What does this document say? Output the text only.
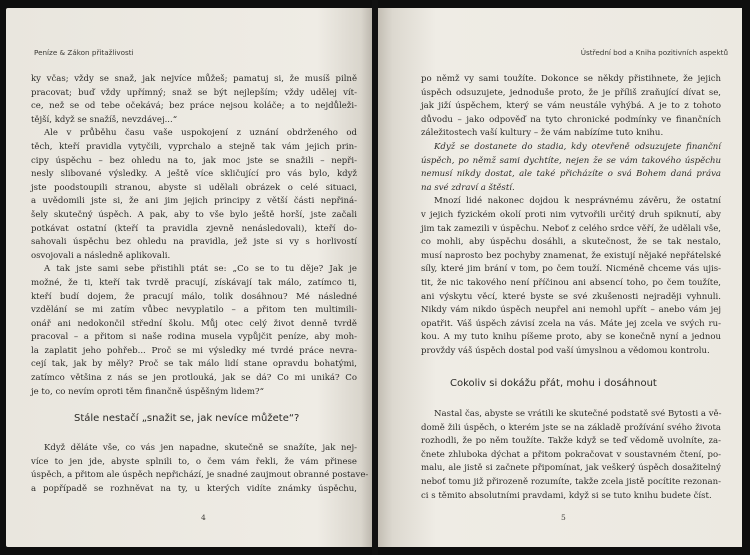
Peníze & Zákon přitažlivosti
ky včas; vždy se snaž, jak nejvíce můžeš; pamatuj si, že musíš pilně
pracovat; buď vždy upřímný; snaž se být nejlepším; vždy udělej vít-
ce, než se od tebe očekává; bez práce nejsou koláče; a to nejdůleži-
tější, když se snažíš, nevzdávej...“
Ale v průběhu času vaše uspokojení z uznání obdrženého od
těch, kteří pravidla vytyčili, vyprchalo a stejně tak vám jejich prin-
cipy úspěchu – bez ohledu na to, jak moc jste se snažili – nepři-
nesly slibované výsledky. A ještě více skličující pro vás bylo, když
jste poodstoupili stranou, abyste si udělali obrázek o celé situaci,
a uvědomili jste si, že ani jim jejich principy z větší části nepřiná-
šely skutečný úspěch. A pak, aby to vše bylo ještě horší, jste začali
potkávat ostatní (kteří ta pravidla zjevně nenásledovali), kteří do-
sahovali úspěchu bez ohledu na pravidla, jež jste si vy s horlivostí
osvojovali a následně aplikovali.
A tak jste sami sebe přistihli ptát se: „Co se to tu děje? Jak je
možné, že ti, kteří tak tvrdě pracují, získávají tak málo, zatímco ti,
kteří budí dojem, že pracují málo, tolik dosáhnou? Mé následné
vzdělání se mi zatím vůbec nevyplatilo – a přitom ten multimili-
onář ani nedokončil střední školu. Můj otec celý život denně tvrdě
pracoval – a přitom si naše rodina musela vypůjčit peníze, aby moh-
la zaplatit jeho pohřeb... Proč se mi výsledky mé tvrdé práce nevra-
cejí tak, jak by měly? Proč se tak málo lidí stane opravdu bohatými,
zatímco většina z nás se jen protlouká, jak se dá? Co mi uniká? Co
je to, co nevím oproti těm finančně úspěšným lidem?“
Stále nestačí „snažit se, jak nevíce můžete“?
Když děláte vše, co vás jen napadne, skutečně se snažíte, jak nej-
více to jen jde, abyste splnili to, o čem vám řekli, že vám přinese
úspěch, a přitom ale úspěch nepřichází, je snadné zaujmout obranné postave-
a popřípadě se rozhněvat na ty, u kterých vidíte známky úspěchu,
4
Ústřední bod a Kniha pozitivních aspektů
po němž vy sami toužíte. Dokonce se někdy přistihnete, že jejich
úspěch odsuzujete, jednoduše proto, že je příliš zraňující dívat se,
jak jiží úspěchem, který se vám neustále vyhýbá. A je to z tohoto
důvodu – jako odpověď na tyto chronické podmínky ve finančních
záležitostech vaší kultury – že vám nabízíme tuto knihu.
Když se dostanete do stadia, kdy otevřeně odsuzujete finanční
úspěch, po němž sami dychtíte, nejen že se vám takového úspěchu
nemusí nikdy dostat, ale také přicházíte o svá Bohem daná práva
na své zdraví a štěstí.
Mnozí lidé nakonec dojdou k nesprávnému závěru, že ostatní
v jejich fyzickém okolí proti nim vytvořili určitý druh spiknutí, aby
jim tak zamezili v úspěchu. Neboť z celého srdce věří, že udělali vše,
co mohli, aby úspěchu dosáhli, a skutečnost, že se tak nestalo,
musí naprosto bez pochyby znamenat, že existují nějaké nepřátelské
síly, které jim brání v tom, po čem touží. Nicméně chceme vás ujis-
tit, že nic takového není příčinou ani absencí toho, po čem toužíte,
ani výskytu věcí, které byste se své zkušenosti nejraději vyhnuli.
Nikdy vám nikdo úspěch neupřel ani nemohl upřít – anebo vám jej
opatřit. Váš úspěch závisí zcela na vás. Máte jej zcela ve svých ru-
kou. A my tuto knihu píšeme proto, aby se konečně nyní a jednou
provždy váš úspěch dostal pod vaší úmyslnou a vědomou kontrolu.
Cokoliv si dokážu přát, mohu i dosáhnout
Nastal čas, abyste se vrátili ke skutečné podstatě své Bytosti a vě-
domě žili úspěch, o kterém jste se na základě prožívání svého života
rozhodli, že po něm toužíte. Takže když se teď vědomě uvolníte, za-
čnete zhluboka dýchat a přitom pokračovat v soustavném čtení, po-
malu, ale jistě si začnete připomínat, jak veškerý úspěch dosažitelný
neboť tomu již přirozeně rozumíte, takže zcela jistě pocítite rezonan-
ci s těmito absolutními pravdami, když si se tuto knihu budete číst.
5
